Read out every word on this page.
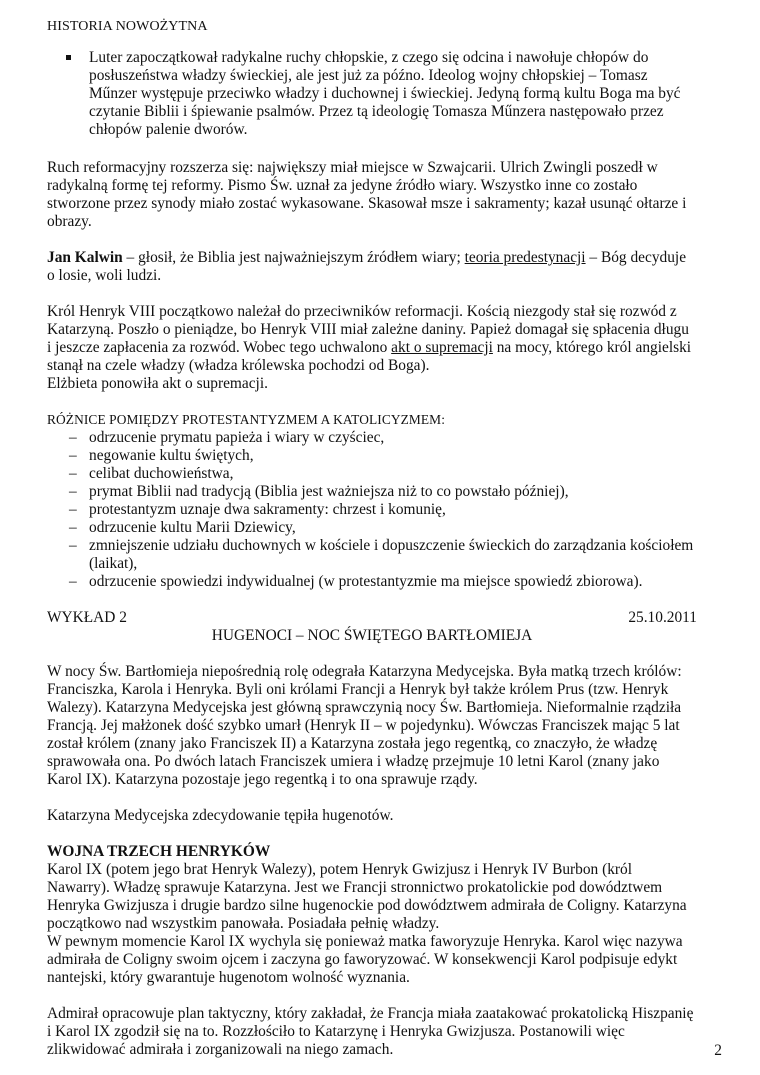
HISTORIA NOWOŻYTNA

Luter zapoczątkował radykalne ruchy chłopskie, z czego się odcina i nawołuje chłopów do posłuszeństwa władzy świeckiej, ale jest już za późno. Ideolog wojny chłopskiej – Tomasz Műnzer występuje przeciwko władzy i duchownej i świeckiej. Jedyną formą kultu Boga ma być czytanie Biblii i śpiewanie psalmów. Przez tą ideologię Tomasza Műnzera następowało przez chłopów palenie dworów.

Ruch reformacyjny rozszerza się: największy miał miejsce w Szwajcarii. Ulrich Zwingli poszedł w radykalną formę tej reformy. Pismo Św. uznał za jedyne źródło wiary. Wszystko inne co zostało stworzone przez synody miało zostać wykasowane. Skasował msze i sakramenty; kazał usunąć ołtarze i obrazy.

Jan Kalwin – głosił, że Biblia jest najważniejszym źródłem wiary; teoria predestynacji – Bóg decyduje o losie, woli ludzi.

Król Henryk VIII początkowo należał do przeciwników reformacji. Kością niezgody stał się rozwód z Katarzyną. Poszło o pieniądze, bo Henryk VIII miał zależne daniny. Papież domagał się spłacenia długu i jeszcze zapłacenia za rozwód. Wobec tego uchwalono akt o supremacji na mocy, którego król angielski stanął na czele władzy (władza królewska pochodzi od Boga).

Elżbieta ponowiła akt o supremacji.

RÓŻNICE POMIĘDZY PROTESTANTYZMEM A KATOLICYZMEM:

– odrzucenie prymatu papieża i wiary w czyściec,
– negowanie kultu świętych,
– celibat duchowieństwa,
– prymat Biblii nad tradycją (Biblia jest ważniejsza niż to co powstało później),
– protestantyzm uznaje dwa sakramenty: chrzest i komunię,
– odrzucenie kultu Marii Dziewicy,
– zmniejszenie udziału duchownych w kościele i dopuszczenie świeckich do zarządzania kościołem (laikat),
– odrzucenie spowiedzi indywidualnej (w protestantyzmie ma miejsce spowiedź zbiorowa).
WYKŁAD 2	25.10.2011

HUGENOCI – NOC ŚWIĘTEGO BARTŁOMIEJA

W nocy Św. Bartłomieja niepośrednią rolę odegrała Katarzyna Medycejska. Była matką trzech królów: Franciszka, Karola i Henryka. Byli oni królami Francji a Henryk był także królem Prus (tzw. Henryk Walezy). Katarzyna Medycejska jest główną sprawczynią nocy Św. Bartłomieja. Nieformalnie rządziła Francją. Jej małżonek dość szybko umarł (Henryk II – w pojedynku). Wówczas Franciszek mając 5 lat został królem (znany jako Franciszek II) a Katarzyna została jego regentką, co znaczyło, że władzę sprawowała ona. Po dwóch latach Franciszek umiera i władzę przejmuje 10 letni Karol (znany jako Karol IX). Katarzyna pozostaje jego regentką i to ona sprawuje rządy.

Katarzyna Medycejska zdecydowanie tępiła hugenotów.

WOJNA TRZECH HENRYKÓW

Karol IX (potem jego brat Henryk Walezy), potem Henryk Gwizjusz i Henryk IV Burbon (król Nawarry). Władzę sprawuje Katarzyna. Jest we Francji stronnictwo prokatolickie pod dowództwem Henryka Gwizjusza i drugie bardzo silne hugenockie pod dowództwem admirała de Coligny. Katarzyna początkowo nad wszystkim panowała. Posiadała pełnię władzy.

W pewnym momencie Karol IX wychyla się ponieważ matka faworyzuje Henryka. Karol więc nazywa admirała de Coligny swoim ojcem i zaczyna go faworyzować. W konsekwencji Karol podpisuje edykt nantejski, który gwarantuje hugenotom wolność wyznania.

Admirał opracowuje plan taktyczny, który zakładał, że Francja miała zaatakować prokatolicką Hiszpanię i Karol IX zgodził się na to. Rozzłościło to Katarzynę i Henryka Gwizjusza. Postanowili więc zlikwidować admirała i zorganizowali na niego zamach.	2
